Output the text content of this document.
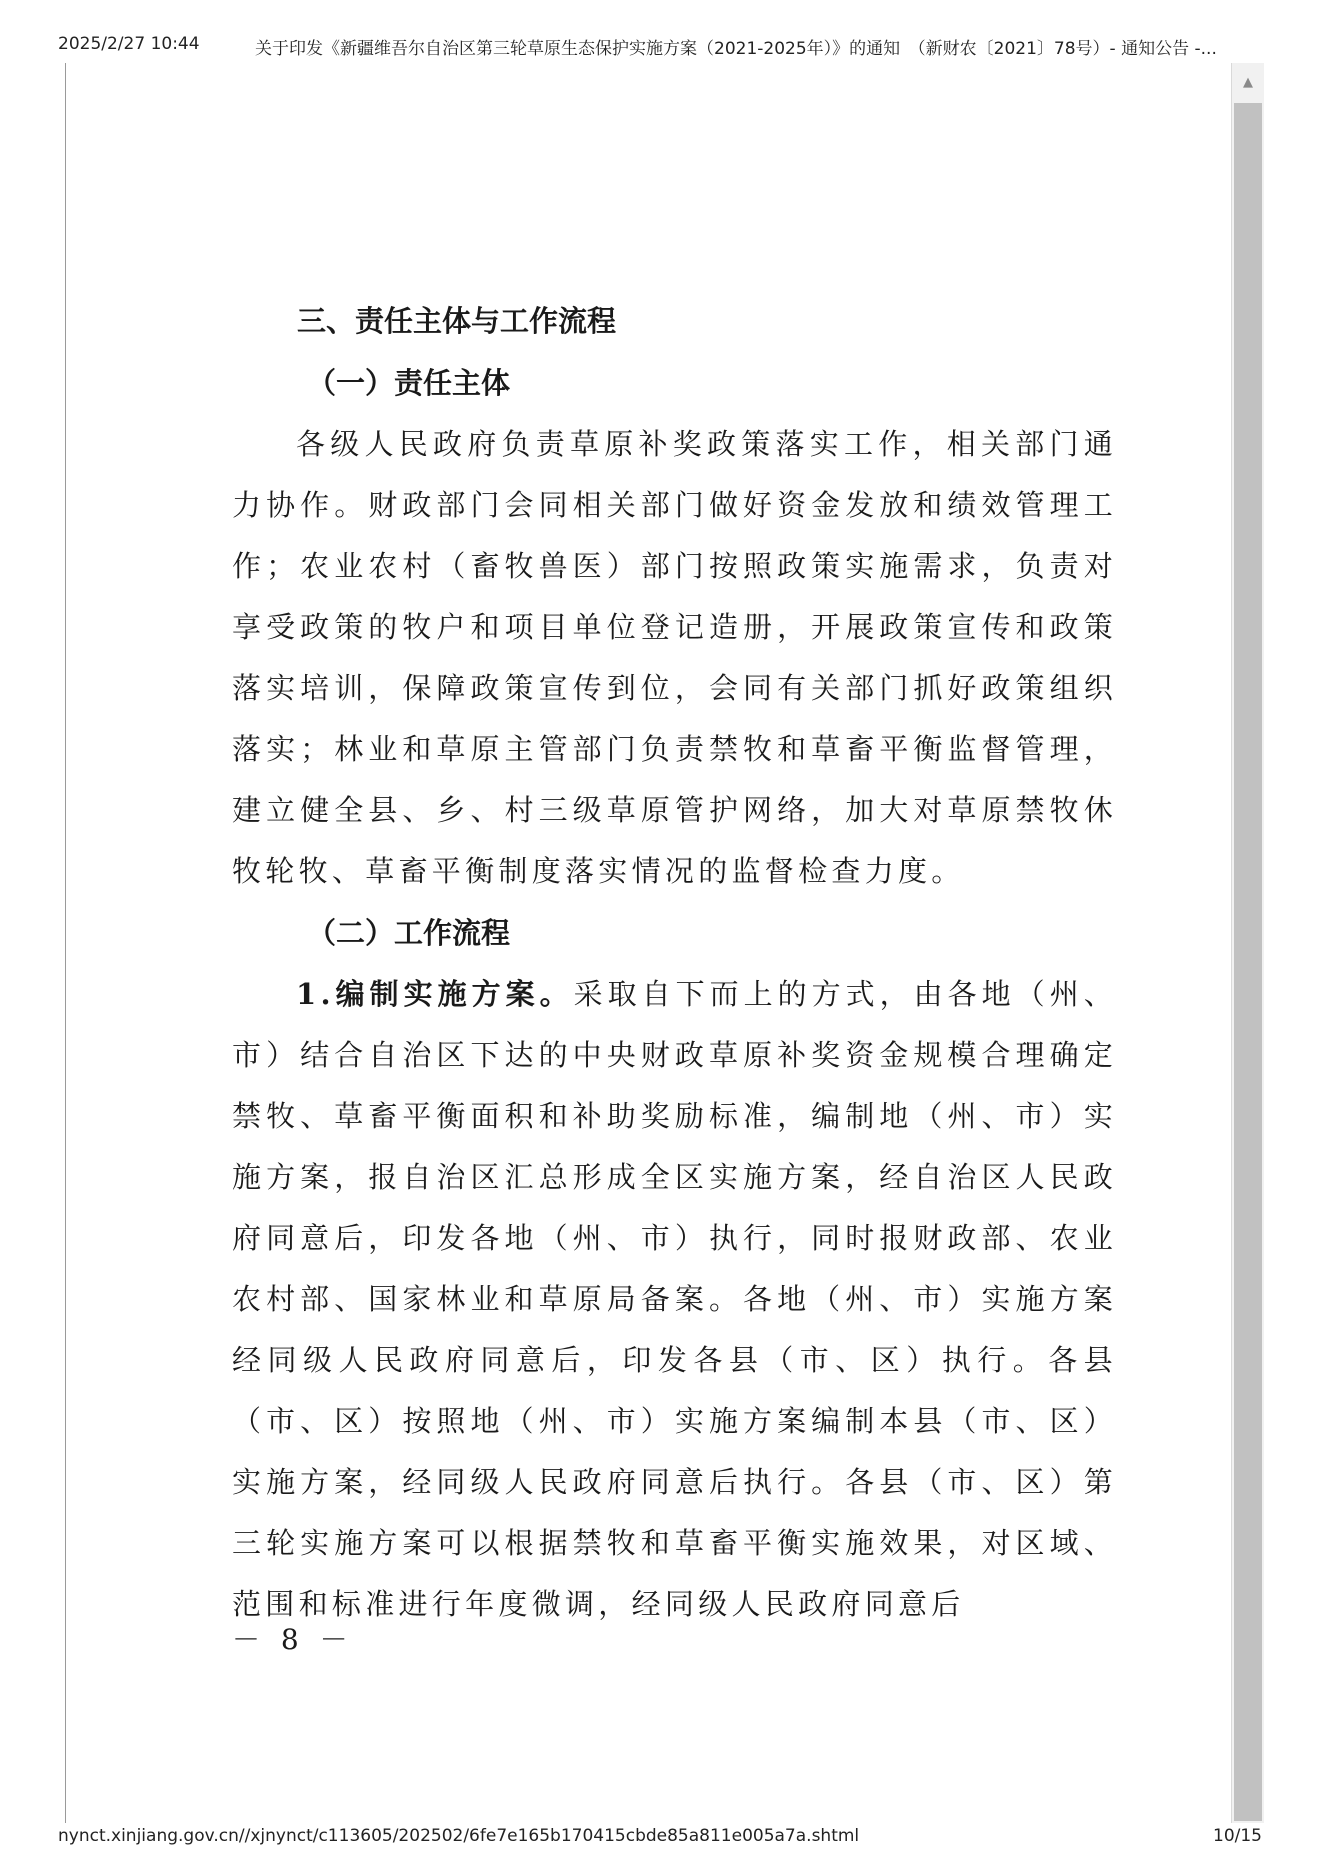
2025/2/27 10:44	关于印发《新疆维吾尔自治区第三轮草原生态保护实施方案（2021-2025年）》的通知　（新财农〔2021〕78号）- 通知公告 -...
▲
三、责任主体与工作流程
（一）责任主体

各级人民政府负责草原补奖政策落实工作，相关部门通力协作。财政部门会同相关部门做好资金发放和绩效管理工作；农业农村（畜牧兽医）部门按照政策实施需求，负责对享受政策的牧户和项目单位登记造册，开展政策宣传和政策落实培训，保障政策宣传到位，会同有关部门抓好政策组织落实；林业和草原主管部门负责禁牧和草畜平衡监督管理，建立健全县、乡、村三级草原管护网络，加大对草原禁牧休牧轮牧、草畜平衡制度落实情况的监督检查力度。

（二）工作流程

1.编制实施方案。采取自下而上的方式，由各地（州、市）结合自治区下达的中央财政草原补奖资金规模合理确定禁牧、草畜平衡面积和补助奖励标准，编制地（州、市）实施方案，报自治区汇总形成全区实施方案，经自治区人民政府同意后，印发各地（州、市）执行，同时报财政部、农业农村部、国家林业和草原局备案。各地（州、市）实施方案经同级人民政府同意后，印发各县（市、区）执行。各县（市、区）按照地（州、市）实施方案编制本县（市、区）实施方案，经同级人民政府同意后执行。各县（市、区）第三轮实施方案可以根据禁牧和草畜平衡实施效果，对区域、范围和标准进行年度微调，经同级人民政府同意后

－ 8 －
nynct.xinjiang.gov.cn//xjnynct/c113605/202502/6fe7e165b170415cbde85a811e005a7a.shtml	10/15
